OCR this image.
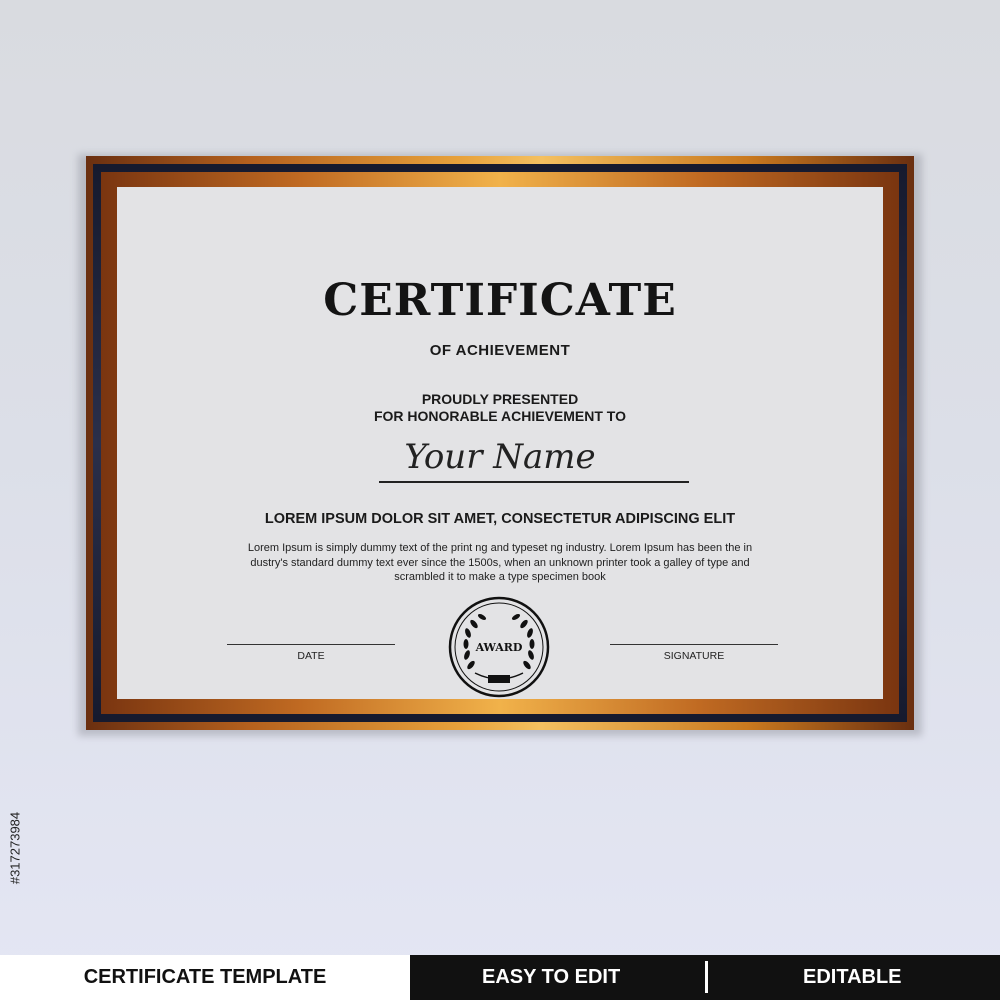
CERTIFICATE
OF ACHIEVEMENT
PROUDLY PRESENTED
FOR HONORABLE ACHIEVEMENT TO
Your Name
LOREM IPSUM DOLOR SIT AMET, CONSECTETUR ADIPISCING ELIT
Lorem Ipsum is simply dummy text of the print ng and typeset ng industry. Lorem Ipsum has been the in
dustry's standard dummy text ever since the 1500s, when an unknown printer took a galley of type and
scrambled it to make a type specimen book
DATE	SIGNATURE
AWARD
#317273984
CERTIFICATE TEMPLATE	EASY TO EDIT	EDITABLE
